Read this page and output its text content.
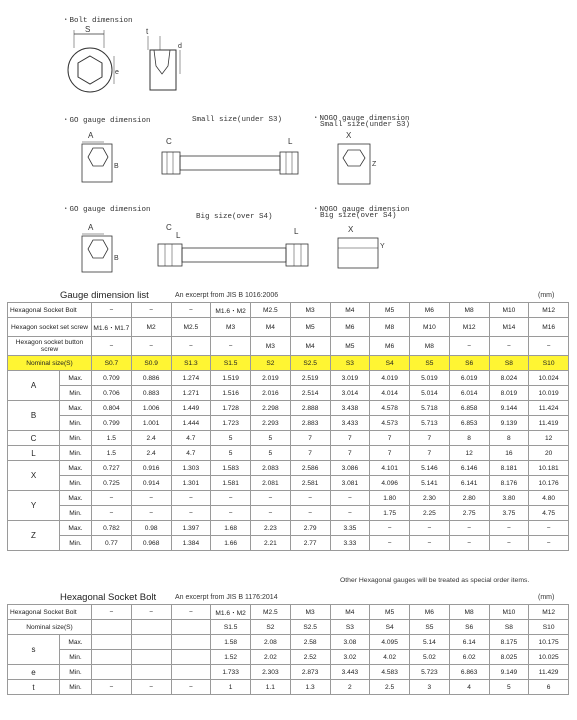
・Bolt dimension
S
e
t
d
・GO gauge dimension	Small size(under S3)	・NOGO gauge dimension
Small size(under S3)
A
B
C	L
X
Z
・GO gauge dimension
Big size(over S4)
・NOGO gauge dimension
Big size(over S4)
A
B
C
L	L	X
Y
Gauge dimension list	An excerpt from JIS B 1016:2006	(mm)
Hexagonal Socket Bolt		−	−	−	M1.6・M2	M2.5	M3	M4	M5	M6	M8	M10	M12
Hexagon socket set screw		M1.6・M1.7	M2	M2.5	M3	M4	M5	M6	M8	M10	M12	M14	M16
Hexagon socket button screw		−	−	−	−	M3	M4	M5	M6	M8	−	−	−
Nominal size(S)		S0.7	S0.9	S1.3	S1.5	S2	S2.5	S3	S4	S5	S6	S8	S10
A	Max.	0.709	0.886	1.274	1.519	2.019	2.519	3.019	4.019	5.019	6.019	8.024	10.024
	Min.	0.706	0.883	1.271	1.516	2.016	2.514	3.014	4.014	5.014	6.014	8.019	10.019
B	Max.	0.804	1.006	1.449	1.728	2.298	2.888	3.438	4.578	5.718	6.858	9.144	11.424
	Min.	0.799	1.001	1.444	1.723	2.293	2.883	3.433	4.573	5.713	6.853	9.139	11.419
C	Min.	1.5	2.4	4.7	5	5	7	7	7	7	8	8	12
L	Min.	1.5	2.4	4.7	5	5	7	7	7	7	12	16	20
X	Max.	0.727	0.916	1.303	1.583	2.083	2.586	3.086	4.101	5.146	6.146	8.181	10.181
	Min.	0.725	0.914	1.301	1.581	2.081	2.581	3.081	4.096	5.141	6.141	8.176	10.176
Y	Max.	−	−	−	−	−	−	−	1.80	2.30	2.80	3.80	4.80
	Min.	−	−	−	−	−	−	−	1.75	2.25	2.75	3.75	4.75
Z	Max.	0.782	0.98	1.397	1.68	2.23	2.79	3.35	−	−	−	−	−
	Min.	0.77	0.968	1.384	1.66	2.21	2.77	3.33	−	−	−	−	−
Other Hexagonal gauges will be treated as special order items.
Hexagonal Socket Bolt	An excerpt from JIS B 1176:2014	(mm)
Hexagonal Socket Bolt		−	−	−	M1.6・M2	M2.5	M3	M4	M5	M6	M8	M10	M12
Nominal size(S)					S1.5	S2	S2.5	S3	S4	S5	S6	S8	S10
s	Max.				1.58	2.08	2.58	3.08	4.095	5.14	6.14	8.175	10.175
	Min.				1.52	2.02	2.52	3.02	4.02	5.02	6.02	8.025	10.025
e	Min.				1.733	2.303	2.873	3.443	4.583	5.723	6.863	9.149	11.429
t	Min.	−	−	−	1	1.1	1.3	2	2.5	3	4	5	6
